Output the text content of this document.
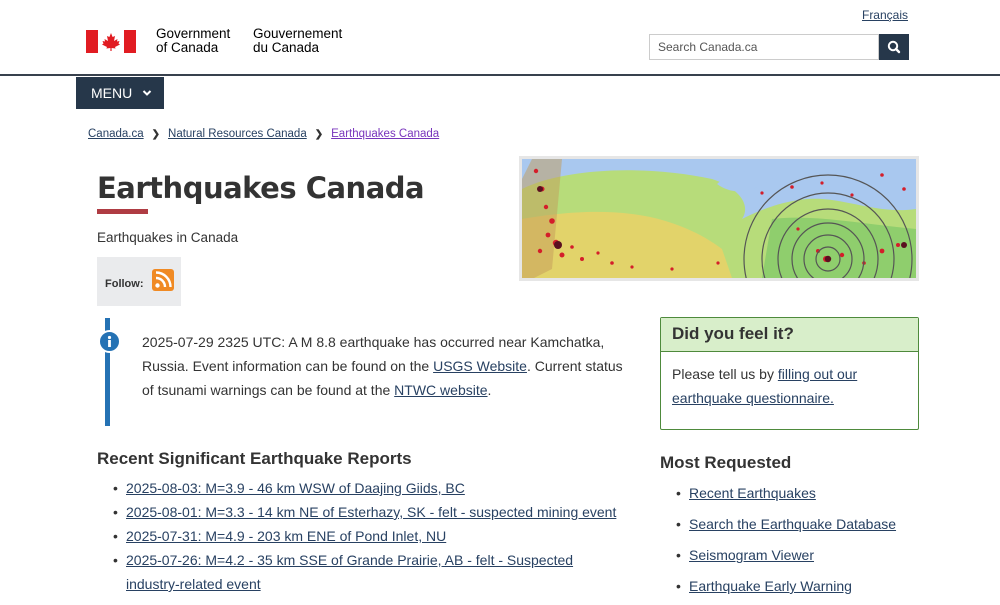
Government
of Canada
Gouvernement
du Canada
Français
Search Canada.ca
MENU
Canada.ca ❯ Natural Resources Canada ❯ Earthquakes Canada
Earthquakes Canada
Earthquakes in Canada
Follow:
2025-07-29 2325 UTC: A M 8.8 earthquake has occurred near Kamchatka, Russia. Event information can be found on the USGS Website. Current status of tsunami warnings can be found at the NTWC website.
Did you feel it?
Please tell us by filling out our earthquake questionnaire.
Recent Significant Earthquake Reports
• 2025-08-03: M=3.9 - 46 km WSW of Daajing Giids, BC
• 2025-08-01: M=3.3 - 14 km NE of Esterhazy, SK - felt - suspected mining event
• 2025-07-31: M=4.9 - 203 km ENE of Pond Inlet, NU
• 2025-07-26: M=4.2 - 35 km SSE of Grande Prairie, AB - felt - Suspected industry-related event
Most Requested
• Recent Earthquakes
• Search the Earthquake Database
• Seismogram Viewer
• Earthquake Early Warning
